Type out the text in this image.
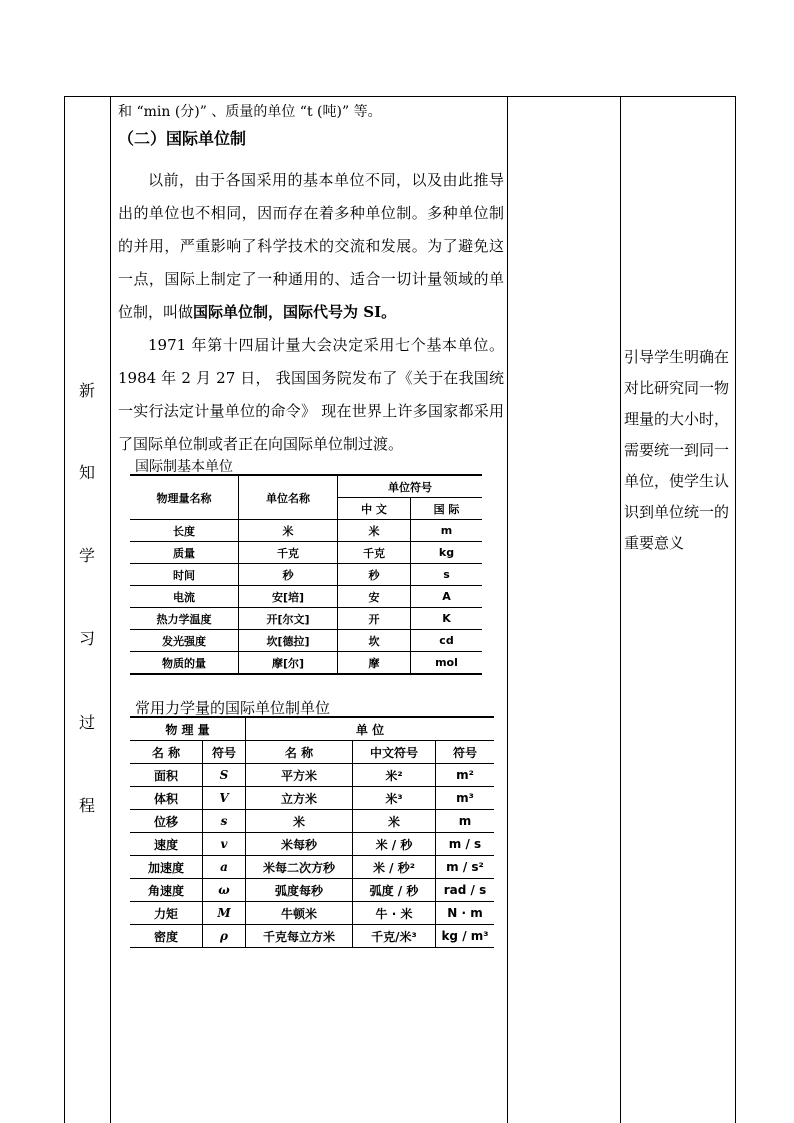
新
知
学
习
过
程

和 “min (分)” 、质量的单位 “t (吨)” 等。

（二）国际单位制

以前，由于各国采用的基本单位不同，以及由此推导出的单位也不相同，因而存在着多种单位制。多种单位制的并用，严重影响了科学技术的交流和发展。为了避免这一点，国际上制定了一种通用的、适合一切计量领域的单位制，叫做国际单位制，国际代号为 SI。

1971 年第十四届计量大会决定采用七个基本单位。1984 年 2 月 27 日， 我国国务院发布了《关于在我国统一实行法定计量单位的命令》 现在世界上许多国家都采用了国际单位制或者正在向国际单位制过渡。

国际制基本单位
物理量名称	单位名称	单位符号	
		中 文	国 际
长度	米	米	m
质量	千克	千克	kg
时间	秒	秒	s
电流	安[培]	安	A
热力学温度	开[尔文]	开	K
发光强度	坎[德拉]	坎	cd
物质的量	摩[尔]	摩	mol
常用力学量的国际单位制单位
物 理 量		单 位		
名 称	符号	名 称	中文符号	符号
面积	S	平方米	米²	m²
体积	V	立方米	米³	m³
位移	s	米	米	m
速度	v	米每秒	米 / 秒	m / s
加速度	a	米每二次方秒	米 / 秒²	m / s²
角速度	ω	弧度每秒	弧度 / 秒	rad / s
力矩	M	牛顿米	牛 · 米	N · m
密度	ρ	千克每立方米	千克/米³	kg / m³
引导学生明确在对比研究同一物理量的大小时，需要统一到同一单位，使学生认识到单位统一的重要意义
